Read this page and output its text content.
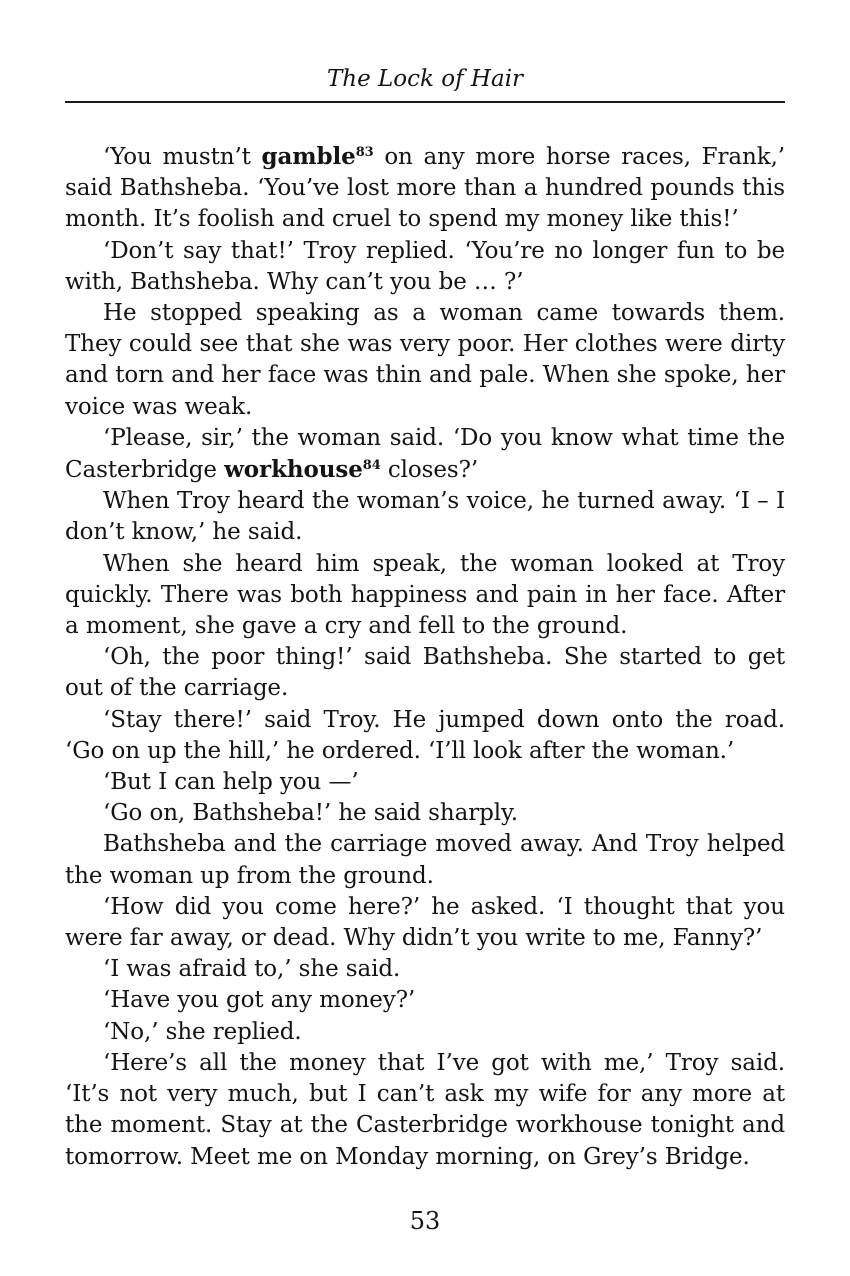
The Lock of Hair

‘You mustn’t gamble$^{83}$ on any more horse races, Frank,’ said Bathsheba. ‘You’ve lost more than a hundred pounds this month. It’s foolish and cruel to spend my money like this!’

‘Don’t say that!’ Troy replied. ‘You’re no longer fun to be with, Bathsheba. Why can’t you be … ?’

He stopped speaking as a woman came towards them. They could see that she was very poor. Her clothes were dirty and torn and her face was thin and pale. When she spoke, her voice was weak.

‘Please, sir,’ the woman said. ‘Do you know what time the Casterbridge workhouse$^{84}$ closes?’

When Troy heard the woman’s voice, he turned away. ‘I – I don’t know,’ he said.

When she heard him speak, the woman looked at Troy quickly. There was both happiness and pain in her face. After a moment, she gave a cry and fell to the ground.

‘Oh, the poor thing!’ said Bathsheba. She started to get out of the carriage.

‘Stay there!’ said Troy. He jumped down onto the road. ‘Go on up the hill,’ he ordered. ‘I’ll look after the woman.’

‘But I can help you —’

‘Go on, Bathsheba!’ he said sharply.

Bathsheba and the carriage moved away. And Troy helped the woman up from the ground.

‘How did you come here?’ he asked. ‘I thought that you were far away, or dead. Why didn’t you write to me, Fanny?’

‘I was afraid to,’ she said.

‘Have you got any money?’

‘No,’ she replied.

‘Here’s all the money that I’ve got with me,’ Troy said. ‘It’s not very much, but I can’t ask my wife for any more at the moment. Stay at the Casterbridge workhouse tonight and tomorrow. Meet me on Monday morning, on Grey’s Bridge.

53
